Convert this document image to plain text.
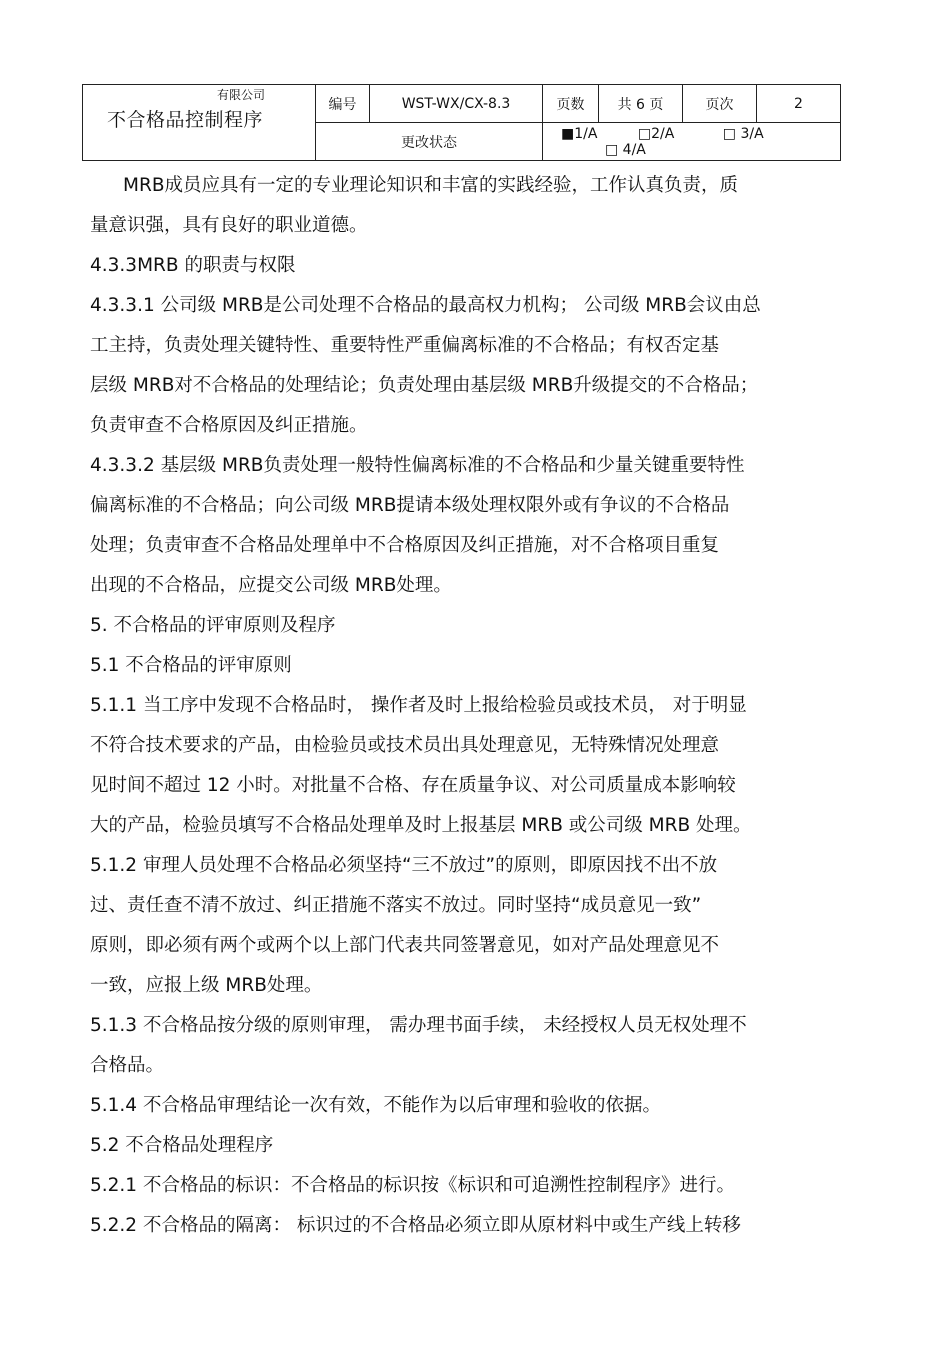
有限公司
不合格品控制程序	编号	WST-WX/CX-8.3	页数	共 6 页	页次	2
	更改状态		■1/A □2/A □ 3/A □ 4/A			
MRB成员应具有一定的专业理论知识和丰富的实践经验，工作认真负责，质
量意识强，具有良好的职业道德。
4.3.3MRB 的职责与权限
4.3.3.1 公司级 MRB是公司处理不合格品的最高权力机构； 公司级 MRB会议由总
工主持，负责处理关键特性、重要特性严重偏离标准的不合格品；有权否定基
层级 MRB对不合格品的处理结论；负责处理由基层级 MRB升级提交的不合格品；
负责审查不合格原因及纠正措施。
4.3.3.2 基层级 MRB负责处理一般特性偏离标准的不合格品和少量关键重要特性
偏离标准的不合格品；向公司级 MRB提请本级处理权限外或有争议的不合格品
处理；负责审查不合格品处理单中不合格原因及纠正措施，对不合格项目重复
出现的不合格品，应提交公司级 MRB处理。
5. 不合格品的评审原则及程序
5.1 不合格品的评审原则
5.1.1 当工序中发现不合格品时， 操作者及时上报给检验员或技术员， 对于明显
不符合技术要求的产品，由检验员或技术员出具处理意见，无特殊情况处理意
见时间不超过 12 小时。对批量不合格、存在质量争议、对公司质量成本影响较
大的产品，检验员填写不合格品处理单及时上报基层 MRB 或公司级 MRB 处理。
5.1.2 审理人员处理不合格品必须坚持“三不放过”的原则，即原因找不出不放
过、责任查不清不放过、纠正措施不落实不放过。同时坚持“成员意见一致”
原则，即必须有两个或两个以上部门代表共同签署意见，如对产品处理意见不
一致，应报上级 MRB处理。
5.1.3 不合格品按分级的原则审理， 需办理书面手续， 未经授权人员无权处理不
合格品。
5.1.4 不合格品审理结论一次有效，不能作为以后审理和验收的依据。
5.2 不合格品处理程序
5.2.1 不合格品的标识：不合格品的标识按《标识和可追溯性控制程序》进行。
5.2.2 不合格品的隔离： 标识过的不合格品必须立即从原材料中或生产线上转移
